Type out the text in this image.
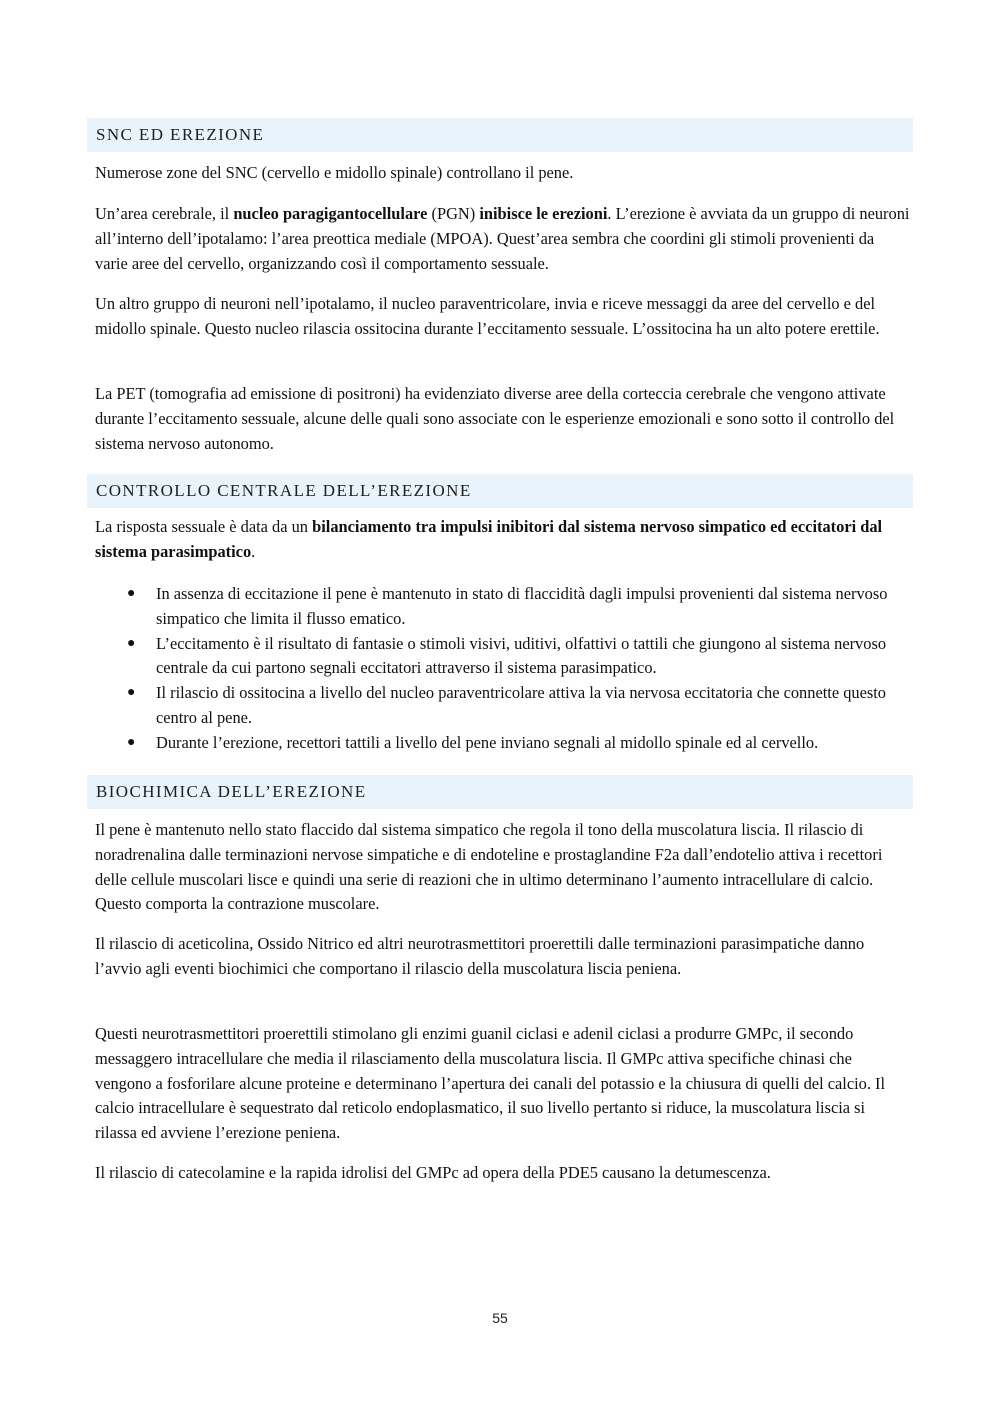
SNC ED EREZIONE

Numerose zone del SNC (cervello e midollo spinale) controllano il pene.

Un’area cerebrale, il nucleo paragigantocellulare (PGN) inibisce le erezioni. L’erezione è avviata da un gruppo di neuroni all’interno dell’ipotalamo: l’area preottica mediale (MPOA). Quest’area sembra che coordini gli stimoli provenienti da varie aree del cervello, organizzando così il comportamento sessuale.

Un altro gruppo di neuroni nell’ipotalamo, il nucleo paraventricolare, invia e riceve messaggi da aree del cervello e del midollo spinale. Questo nucleo rilascia ossitocina durante l’eccitamento sessuale. L’ossitocina ha un alto potere erettile.

La PET (tomografia ad emissione di positroni) ha evidenziato diverse aree della corteccia cerebrale che vengono attivate durante l’eccitamento sessuale, alcune delle quali sono associate con le esperienze emozionali e sono sotto il controllo del sistema nervoso autonomo.

CONTROLLO CENTRALE DELL’EREZIONE

La risposta sessuale è data da un bilanciamento tra impulsi inibitori dal sistema nervoso simpatico ed eccitatori dal sistema parasimpatico.

● In assenza di eccitazione il pene è mantenuto in stato di flaccidità dagli impulsi provenienti dal sistema nervoso simpatico che limita il flusso ematico.
● L’eccitamento è il risultato di fantasie o stimoli visivi, uditivi, olfattivi o tattili che giungono al sistema nervoso centrale da cui partono segnali eccitatori attraverso il sistema parasimpatico.
● Il rilascio di ossitocina a livello del nucleo paraventricolare attiva la via nervosa eccitatoria che connette questo centro al pene.
● Durante l’erezione, recettori tattili a livello del pene inviano segnali al midollo spinale ed al cervello.
BIOCHIMICA DELL’EREZIONE

Il pene è mantenuto nello stato flaccido dal sistema simpatico che regola il tono della muscolatura liscia. Il rilascio di noradrenalina dalle terminazioni nervose simpatiche e di endoteline e prostaglandine F2a dall’endotelio attiva i recettori delle cellule muscolari lisce e quindi una serie di reazioni che in ultimo determinano l’aumento intracellulare di calcio. Questo comporta la contrazione muscolare.

Il rilascio di aceticolina, Ossido Nitrico ed altri neurotrasmettitori proerettili dalle terminazioni parasimpatiche danno l’avvio agli eventi biochimici che comportano il rilascio della muscolatura liscia peniena.

Questi neurotrasmettitori proerettili stimolano gli enzimi guanil ciclasi e adenil ciclasi a produrre GMPc, il secondo messaggero intracellulare che media il rilasciamento della muscolatura liscia. Il GMPc attiva specifiche chinasi che vengono a fosforilare alcune proteine e determinano l’apertura dei canali del potassio e la chiusura di quelli del calcio. Il calcio intracellulare è sequestrato dal reticolo endoplasmatico, il suo livello pertanto si riduce, la muscolatura liscia si rilassa ed avviene l’erezione peniena.

Il rilascio di catecolamine e la rapida idrolisi del GMPc ad opera della PDE5 causano la detumescenza.

55
